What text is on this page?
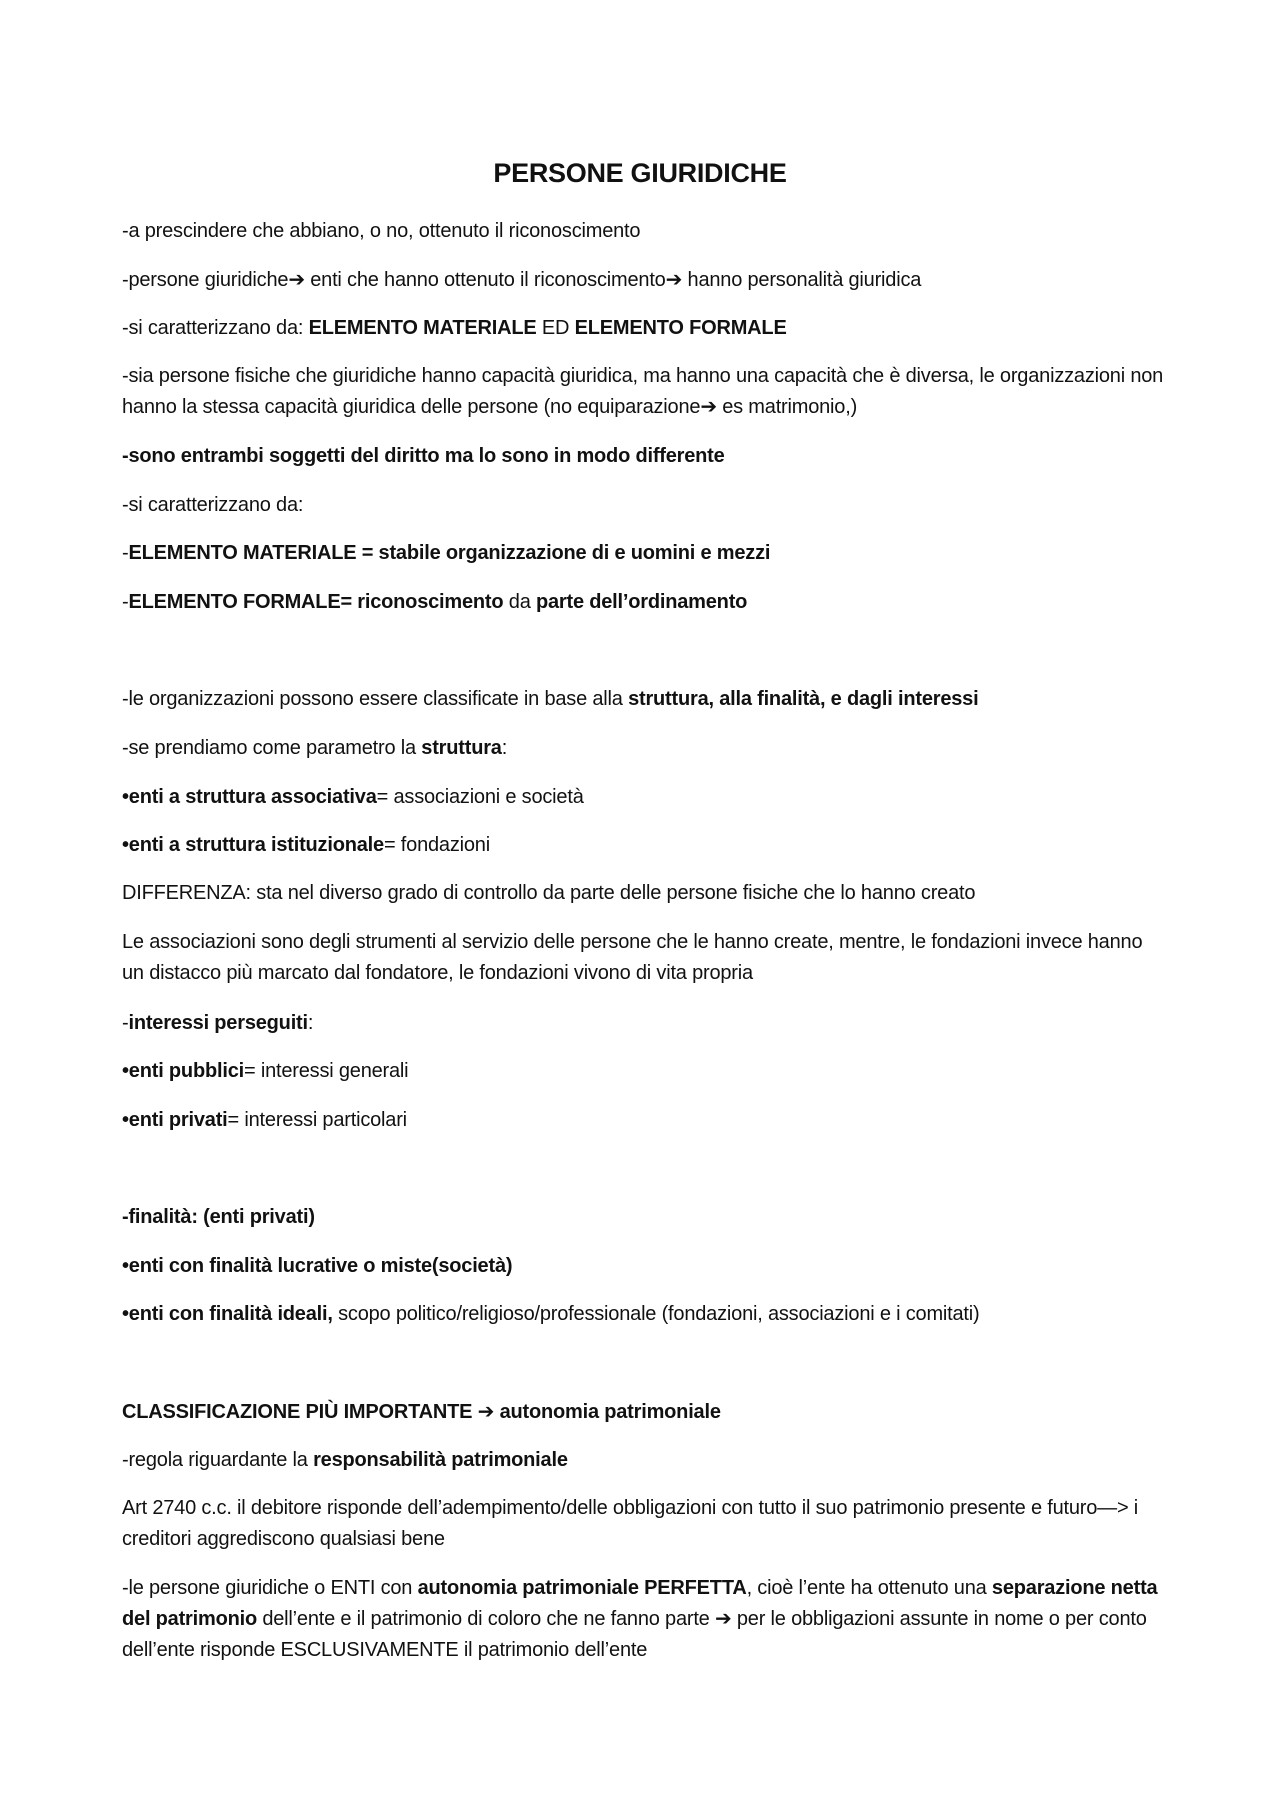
PERSONE GIURIDICHE
-a prescindere che abbiano, o no, ottenuto il riconoscimento
-persone giuridiche➔ enti che hanno ottenuto il riconoscimento➔ hanno personalità giuridica
-si caratterizzano da: ELEMENTO MATERIALE ED ELEMENTO FORMALE
-sia persone fisiche che giuridiche hanno capacità giuridica, ma hanno una capacità che è diversa, le organizzazioni non hanno la stessa capacità giuridica delle persone (no equiparazione➔ es matrimonio,)
-sono entrambi soggetti del diritto ma lo sono in modo differente
-si caratterizzano da:
-ELEMENTO MATERIALE = stabile organizzazione di e uomini e mezzi
-ELEMENTO FORMALE= riconoscimento da parte dell’ordinamento
-le organizzazioni possono essere classificate in base alla struttura, alla finalità, e dagli interessi
-se prendiamo come parametro la struttura:
•enti a struttura associativa= associazioni e società
•enti a struttura istituzionale= fondazioni
DIFFERENZA: sta nel diverso grado di controllo da parte delle persone fisiche che lo hanno creato
Le associazioni sono degli strumenti al servizio delle persone che le hanno create, mentre, le fondazioni invece hanno un distacco più marcato dal fondatore, le fondazioni vivono di vita propria
-interessi perseguiti:
•enti pubblici= interessi generali
•enti privati= interessi particolari
-finalità: (enti privati)
•enti con finalità lucrative o miste(società)
•enti con finalità ideali, scopo politico/religioso/professionale (fondazioni, associazioni e i comitati)
CLASSIFICAZIONE PIÙ IMPORTANTE ➔ autonomia patrimoniale
-regola riguardante la responsabilità patrimoniale
Art 2740 c.c. il debitore risponde dell’adempimento/delle obbligazioni con tutto il suo patrimonio presente e futuro—> i creditori aggrediscono qualsiasi bene
-le persone giuridiche o ENTI con autonomia patrimoniale PERFETTA, cioè l’ente ha ottenuto una separazione netta del patrimonio dell’ente e il patrimonio di coloro che ne fanno parte ➔ per le obbligazioni assunte in nome o per conto dell’ente risponde ESCLUSIVAMENTE il patrimonio dell’ente
